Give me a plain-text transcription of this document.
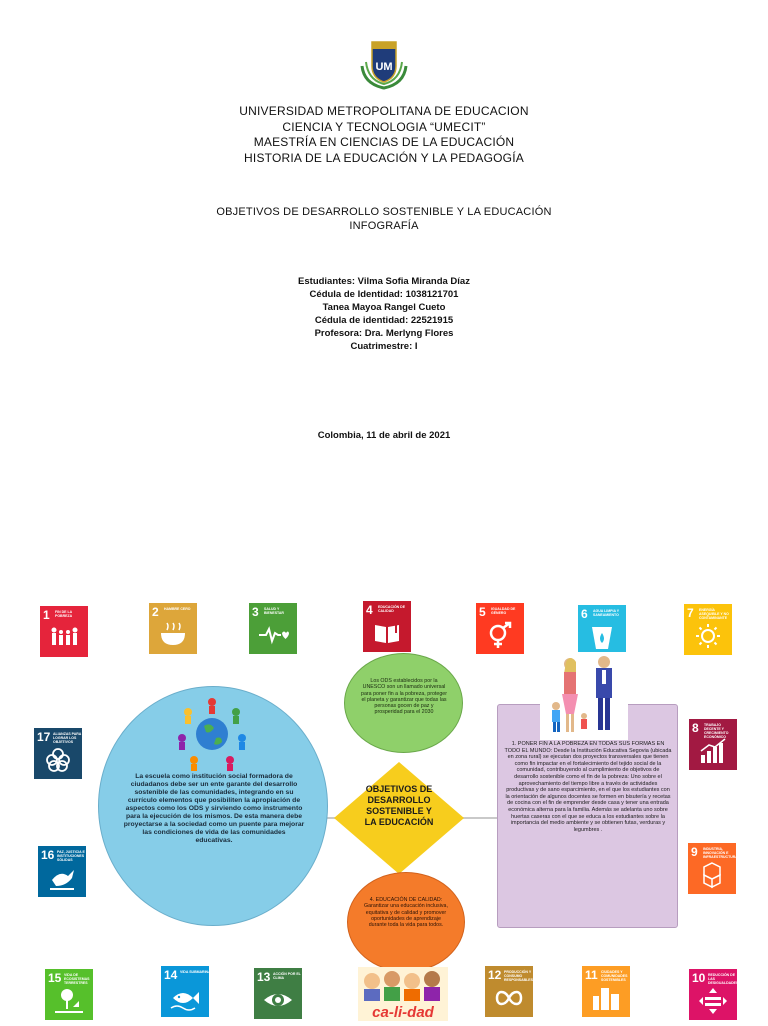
UM
UNIVERSIDAD METROPOLITANA DE EDUCACION
CIENCIA Y TECNOLOGIA “UMECIT”
MAESTRÍA EN CIENCIAS DE LA EDUCACIÓN
HISTORIA DE LA EDUCACIÓN Y LA PEDAGOGÍA
OBJETIVOS DE DESARROLLO SOSTENIBLE Y LA EDUCACIÓN
INFOGRAFÍA
Estudiantes: Vilma Sofia Miranda Díaz
Cédula de Identidad: 1038121701
Tanea Mayoa Rangel Cueto
Cédula de identidad: 22521915
Profesora: Dra. Merlyng Flores
Cuatrimestre: I
Colombia, 11 de abril de 2021
1	FIN DE LA POBREZA	2	HAMBRE CERO	3	SALUD Y BIENESTAR	4	EDUCACIÓN DE CALIDAD	5	IGUALDAD DE GÉNERO	6	AGUA LIMPIA Y SANEAMIENTO	7	ENERGÍA ASEQUIBLE Y NO CONTAMINANTE
8	TRABAJO DECENTE Y CRECIMIENTO ECONÓMICO
9	INDUSTRIA, INNOVACIÓN E INFRAESTRUCTURA
10 REDUCCIÓN DE LAS DESIGUALDADES
11 CIUDADES Y COMUNIDADES SOSTENIBLES
12 PRODUCCIÓN Y CONSUMO RESPONSABLES
13 ACCIÓN POR EL CLIMA
14 VIDA SUBMARINA
15 VIDA DE ECOSISTEMAS TERRESTRES
16 PAZ, JUSTICIA E INSTITUCIONES SÓLIDAS
17 ALIANZAS PARA LOGRAR LOS OBJETIVOS
La escuela como institución social formadora de ciudadanos debe ser un ente garante del desarrollo sostenible de las comunidades, integrando en su currículo elementos que posibiliten la apropiación de aspectos como los ODS y sirviendo como instrumento para la ejecución de los mismos. De esta manera debe proyectarse a la sociedad como un puente para mejorar las condiciones de vida de las comunidades educativas.
Los ODS establecidos por la UNESCO son un llamado universal para poner fin a la pobreza, proteger el planeta y garantizar que todas las personas gocen de paz y prosperidad para el 2030
OBJETIVOS DE DESARROLLO SOSTENIBLE Y LA EDUCACIÓN
4. EDUCACIÓN DE CALIDAD: Garantizar una educación inclusiva, equitativa y de calidad y promover oportunidades de aprendizaje durante toda la vida para todos.
1. PONER FIN A LA POBREZA EN TODAS SUS FORMAS EN TODO EL MUNDO: Desde la Institución Educativa Segovia (ubicada en zona rural) se ejecutan dos proyectos transversales que tienen como fin impactar en el fortalecimiento del tejido social de la comunidad, contribuyendo al cumplimiento de objetivos de desarrollo sostenible como el fin de la pobreza: Uno sobre el aprovechamiento del tiempo libre a través de actividades productivas y de sano esparcimiento, en el que los estudiantes con la orientación de algunos docentes se formen en bisutería y recetas de cocina con el fin de emprender desde casa y tener una entrada económica alterna para la familia. Además se adelanta uno sobre huertas caseras con el que se educa a los estudiantes sobre la importancia del medio ambiente y se obtienen futas, verduras y legumbres .
ca-li-dad
